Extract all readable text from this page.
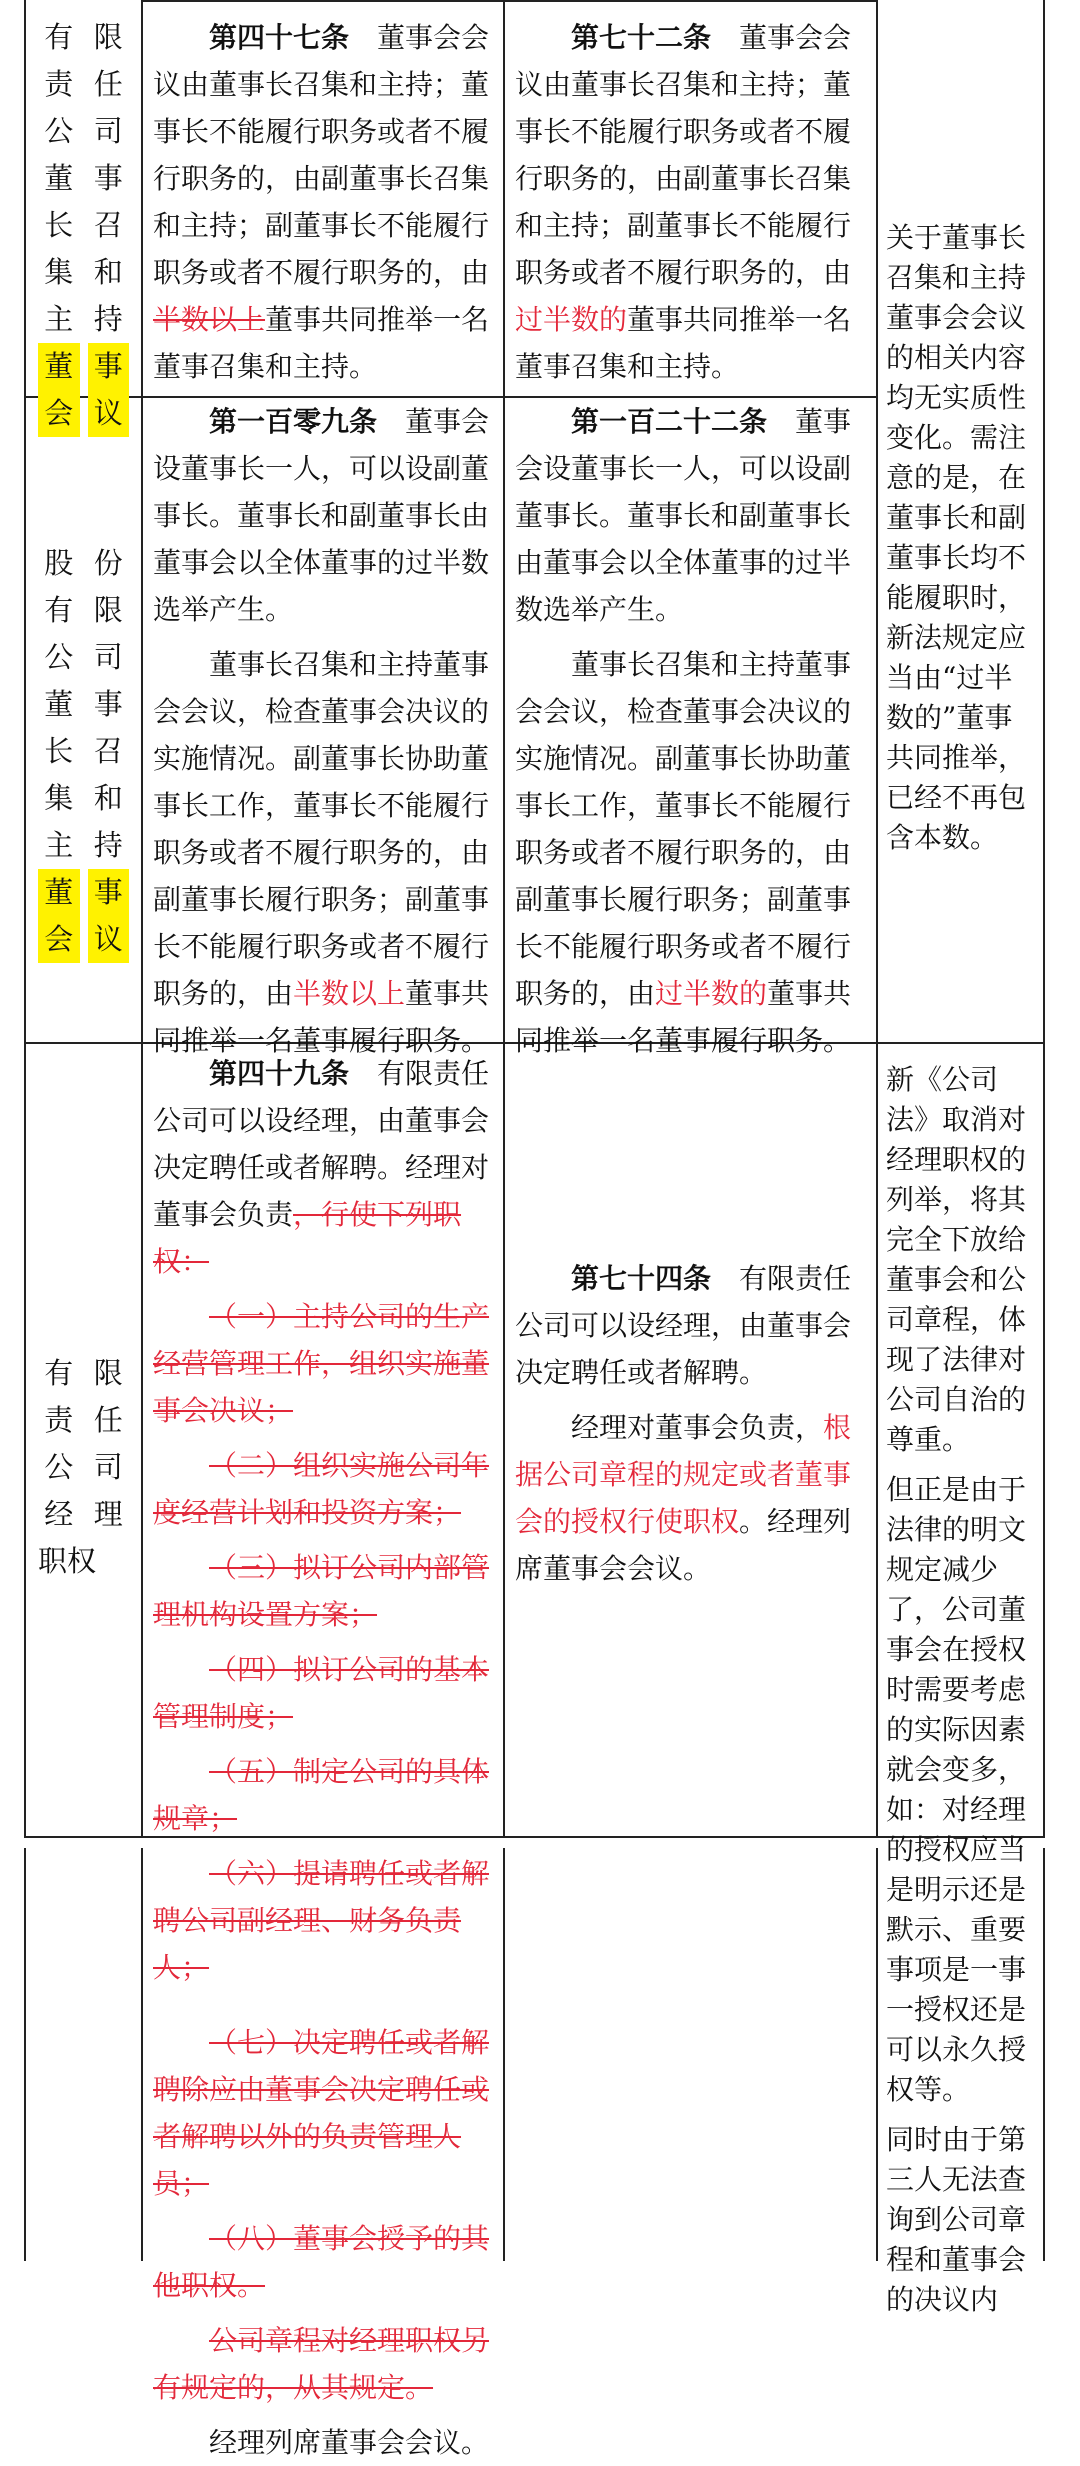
有 限
责 任
公 司
董 事
长 召
集 和
主 持
董 事
会 议

第四十七条　 董事会会议由董事长召集和主持；董事长不能履行职务或者不履行职务的，由副董事长召集和主持；副董事长不能履行职务或者不履行职务的，由半数以上董事共同推举一名董事召集和主持。

第七十二条　 董事会会议由董事长召集和主持；董事长不能履行职务或者不履行职务的，由副董事长召集和主持；副董事长不能履行职务或者不履行职务的，由过半数的董事共同推举一名董事召集和主持。

股 份
有 限
公 司
董 事
长 召
集 和
主 持
董 事
会 议

第一百零九条　 董事会设董事长一人，可以设副董事长。董事长和副董事长由董事会以全体董事的过半数选举产生。

董事长召集和主持董事会会议，检查董事会决议的实施情况。副董事长协助董事长工作，董事长不能履行职务或者不履行职务的，由副董事长履行职务；副董事长不能履行职务或者不履行职务的，由半数以上董事共同推举一名董事履行职务。

第一百二十二条　 董事会设董事长一人，可以设副董事长。董事长和副董事长由董事会以全体董事的过半数选举产生。

董事长召集和主持董事会会议，检查董事会决议的实施情况。副董事长协助董事长工作，董事长不能履行职务或者不履行职务的，由副董事长履行职务；副董事长不能履行职务或者不履行职务的，由过半数的董事共同推举一名董事履行职务。

关于董事长召集和主持董事会会议的相关内容均无实质性变化。需注意的是，在董事长和副董事长均不能履职时，新法规定应当由“过半数的”董事共同推举，已经不再包含本数。

有 限
责 任
公 司
经 理
职权

第四十九条　 有限责任公司可以设经理，由董事会决定聘任或者解聘。经理对董事会负责，行使下列职权：

（一）主持公司的生产经营管理工作，组织实施董事会决议；

（二）组织实施公司年度经营计划和投资方案；

（三）拟订公司内部管理机构设置方案；

（四）拟订公司的基本管理制度；

（五）制定公司的具体规章；

（六）提请聘任或者解聘公司副经理、财务负责人；

（七）决定聘任或者解聘除应由董事会决定聘任或者解聘以外的负责管理人员；

（八）董事会授予的其他职权。

公司章程对经理职权另有规定的，从其规定。

经理列席董事会会议。

第七十四条　 有限责任公司可以设经理，由董事会决定聘任或者解聘。

经理对董事会负责，根据公司章程的规定或者董事会的授权行使职权。经理列席董事会会议。

新《公司法》取消对经理职权的列举，将其完全下放给董事会和公司章程，体现了法律对公司自治的尊重。

但正是由于法律的明文规定减少了，公司董事会在授权时需要考虑的实际因素就会变多，如：对经理的授权应当是明示还是默示、重要事项是一事一授权还是可以永久授权等。

同时由于第三人无法查询到公司章程和董事会的决议内
